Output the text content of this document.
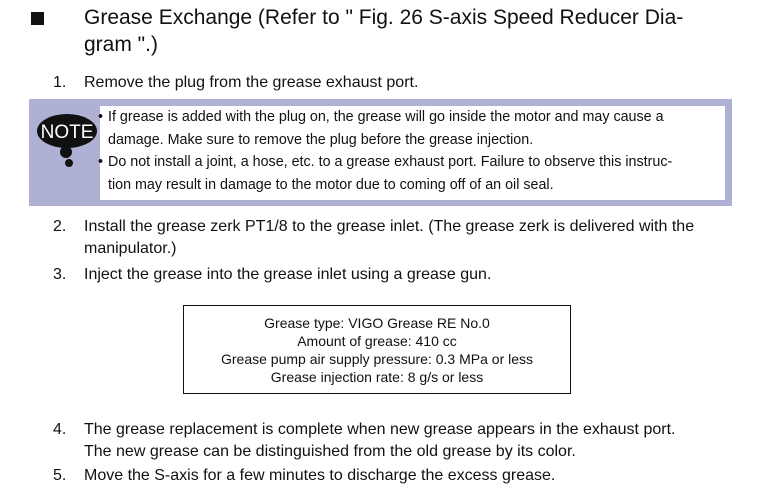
Grease Exchange (Refer to " Fig. 26 S-axis Speed Reducer Dia-
gram ".)
1. Remove the plug from the grease exhaust port.
• If grease is added with the plug on, the grease will go inside the motor and may cause a
damage. Make sure to remove the plug before the grease injection.
• Do not install a joint, a hose, etc. to a grease exhaust port. Failure to observe this instruc-
tion may result in damage to the motor due to coming off of an oil seal.
NOTE
2. Install the grease zerk PT1/8 to the grease inlet. (The grease zerk is delivered with the
manipulator.)
3. Inject the grease into the grease inlet using a grease gun.
Grease type: VIGO Grease RE No.0
Amount of grease: 410 cc
Grease pump air supply pressure: 0.3 MPa or less
Grease injection rate: 8 g/s or less
4. The grease replacement is complete when new grease appears in the exhaust port.
The new grease can be distinguished from the old grease by its color.
5. Move the S-axis for a few minutes to discharge the excess grease.
